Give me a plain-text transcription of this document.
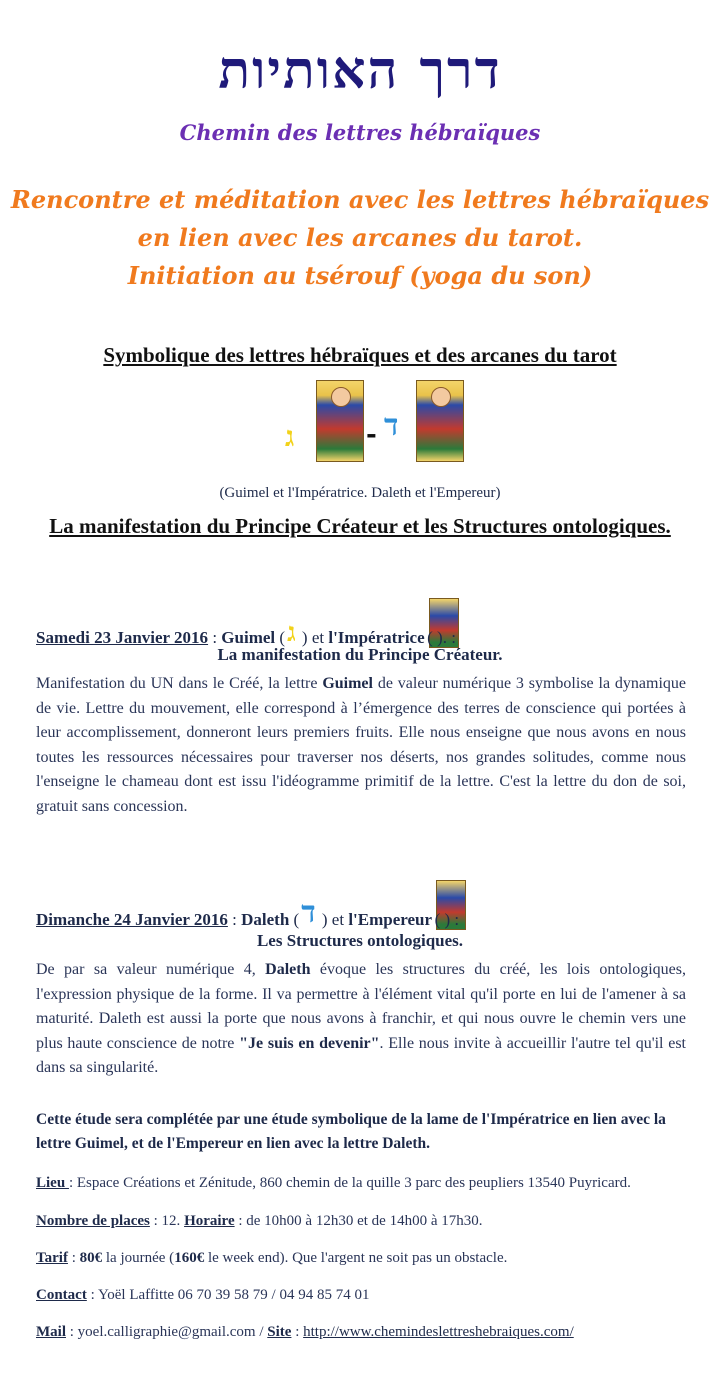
דרך האותיות
Chemin des lettres hébraïques
Rencontre et méditation avec les lettres hébraïques
en lien avec les arcanes du tarot.
Initiation au tsérouf (yoga du son)
Symbolique des lettres hébraïques et des arcanes du tarot
ג	- ד
(Guimel et l'Impératrice. Daleth et l'Empereur)
La manifestation du Principe Créateur et les Structures ontologiques.
Samedi 23 Janvier 2016 : Guimel (ג ) et l'Impératrice  ( ). :
La manifestation du Principe Créateur.
Manifestation du UN dans le Créé, la lettre Guimel de valeur numérique 3 symbolise la dynamique de vie. Lettre du mouvement, elle correspond à l’émergence des terres de conscience qui portées à leur accomplissement, donneront leurs premiers fruits. Elle nous enseigne que nous avons en nous toutes les ressources nécessaires pour traverser nos déserts, nos grandes solitudes, comme nous l'enseigne le chameau dont est issu l'idéogramme primitif de la lettre. C'est la lettre du don de soi, gratuit sans concession.
Dimanche 24 Janvier 2016 : Daleth (ד ) et l'Empereur  ( ) :
Les Structures ontologiques.
De par sa valeur numérique 4, Daleth évoque les structures du créé, les lois ontologiques, l'expression physique de la forme. Il va permettre à l'élément vital qu'il porte en lui de l'amener à sa maturité. Daleth est aussi la porte que nous avons à franchir, et qui nous ouvre le chemin vers une plus haute conscience de notre "Je suis en devenir". Elle nous invite à accueillir l'autre tel qu'il est dans sa singularité.
Cette étude sera complétée par une étude symbolique de la lame de l'Impératrice en lien avec la lettre Guimel, et de l'Empereur en lien avec la lettre Daleth.
Lieu : Espace Créations et Zénitude, 860 chemin de la quille 3 parc des peupliers 13540 Puyricard.
Nombre de places : 12. Horaire : de 10h00 à 12h30 et de 14h00 à 17h30.
Tarif : 80€ la journée (160€ le week end). Que l'argent ne soit pas un obstacle.
Contact : Yoël Laffitte 06 70 39 58 79 / 04 94 85 74 01
Mail : yoel.calligraphie@gmail.com / Site : http://www.chemindeslettreshebraiques.com/
